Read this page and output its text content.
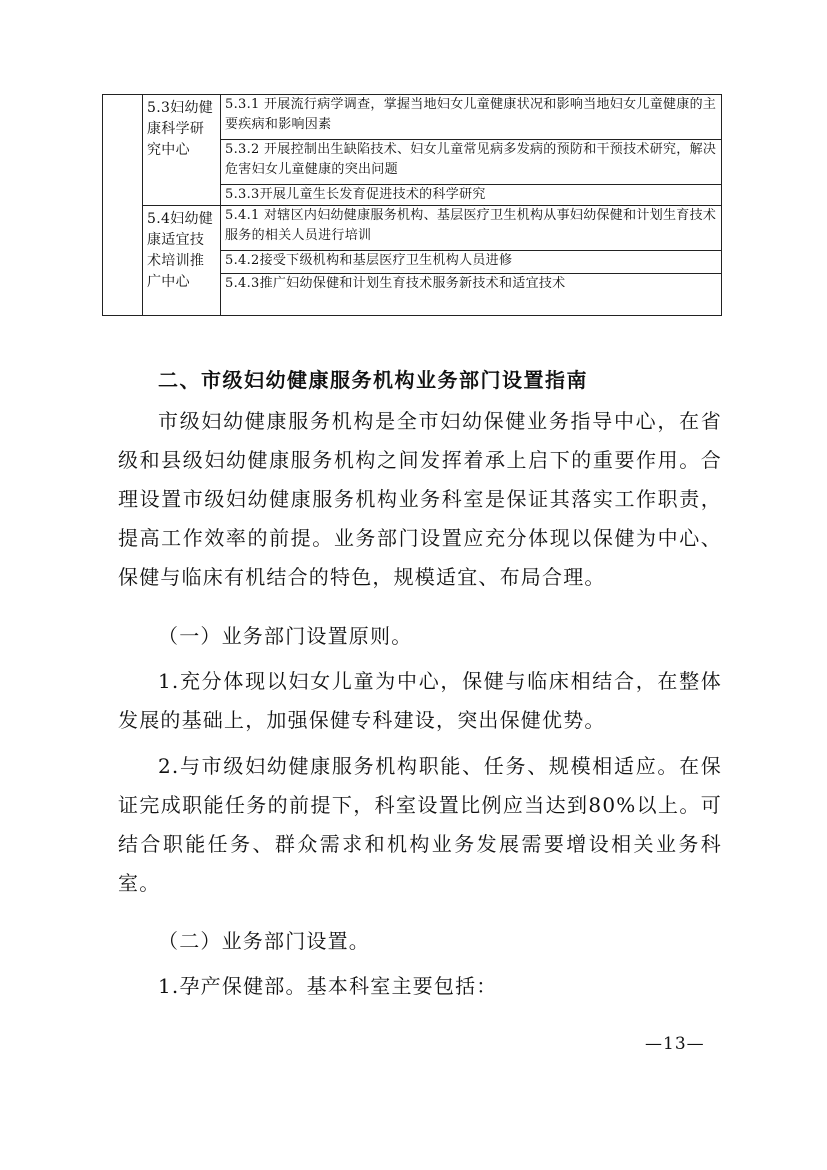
	5.3妇幼健康科学研究中心	5.3.1 开展流行病学调查，掌握当地妇女儿童健康状况和影响当地妇女儿童健康的主要疾病和影响因素
		5.3.2 开展控制出生缺陷技术、妇女儿童常见病多发病的预防和干预技术研究，解决危害妇女儿童健康的突出问题
		5.3.3开展儿童生长发育促进技术的科学研究
	5.4妇幼健康适宜技术培训推广中心	5.4.1 对辖区内妇幼健康服务机构、基层医疗卫生机构从事妇幼保健和计划生育技术服务的相关人员进行培训
		5.4.2接受下级机构和基层医疗卫生机构人员进修
		5.4.3推广妇幼保健和计划生育技术服务新技术和适宜技术
二、市级妇幼健康服务机构业务部门设置指南

市级妇幼健康服务机构是全市妇幼保健业务指导中心，在省级和县级妇幼健康服务机构之间发挥着承上启下的重要作用。合理设置市级妇幼健康服务机构业务科室是保证其落实工作职责，提高工作效率的前提。业务部门设置应充分体现以保健为中心、保健与临床有机结合的特色，规模适宜、布局合理。

（一）业务部门设置原则。

1.充分体现以妇女儿童为中心，保健与临床相结合，在整体发展的基础上，加强保健专科建设，突出保健优势。

2.与市级妇幼健康服务机构职能、任务、规模相适应。在保证完成职能任务的前提下，科室设置比例应当达到80%以上。可结合职能任务、群众需求和机构业务发展需要增设相关业务科室。

（二）业务部门设置。

1.孕产保健部。基本科室主要包括：

—13—
